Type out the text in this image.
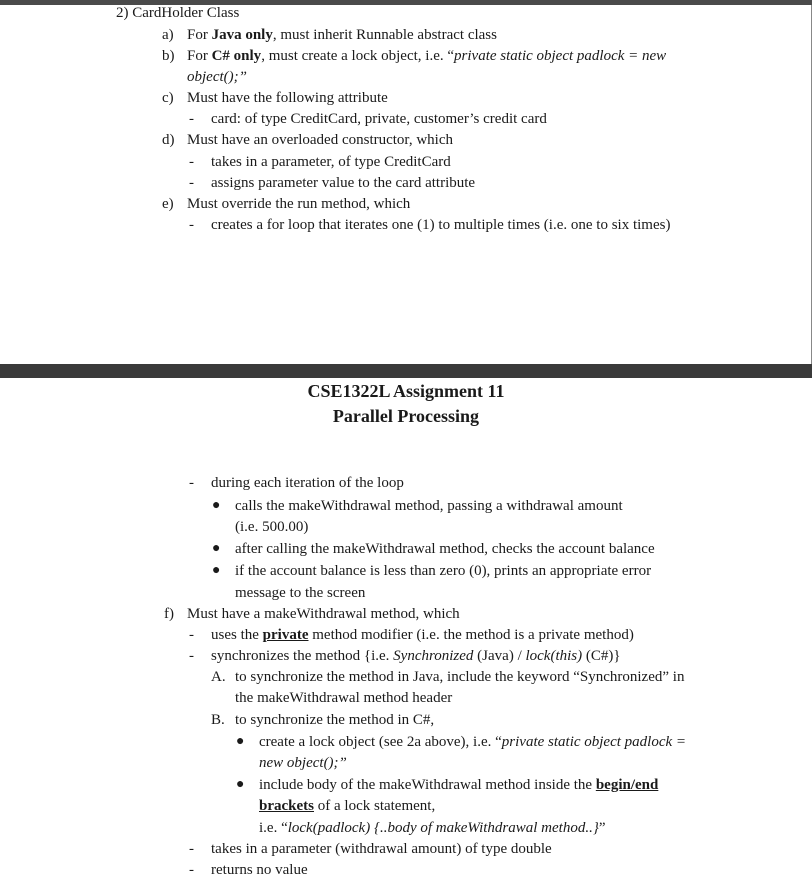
2) CardHolder Class
a) For Java only, must inherit Runnable abstract class
b) For C# only, must create a lock object, i.e. “private static object padlock = new
object();”
c) Must have the following attribute
- card: of type CreditCard, private, customer’s credit card
d) Must have an overloaded constructor, which
- takes in a parameter, of type CreditCard
- assigns parameter value to the card attribute
e) Must override the run method, which
- creates a for loop that iterates one (1) to multiple times (i.e. one to six times)
CSE1322L Assignment 11
Parallel Processing
- during each iteration of the loop
● calls the makeWithdrawal method, passing a withdrawal amount
(i.e. 500.00)
● after calling the makeWithdrawal method, checks the account balance
● if the account balance is less than zero (0), prints an appropriate error
message to the screen
f) Must have a makeWithdrawal method, which
- uses the private method modifier (i.e. the method is a private method)
- synchronizes the method {i.e. Synchronized (Java) / lock(this) (C#)}
A. to synchronize the method in Java, include the keyword “Synchronized” in
the makeWithdrawal method header
B. to synchronize the method in C#,
● create a lock object (see 2a above), i.e. “private static object padlock =
new object();”
● include body of the makeWithdrawal method inside the begin/end
brackets of a lock statement,
i.e. “lock(padlock) {..body of makeWithdrawal method..}”
- takes in a parameter (withdrawal amount) of type double
- returns no value
